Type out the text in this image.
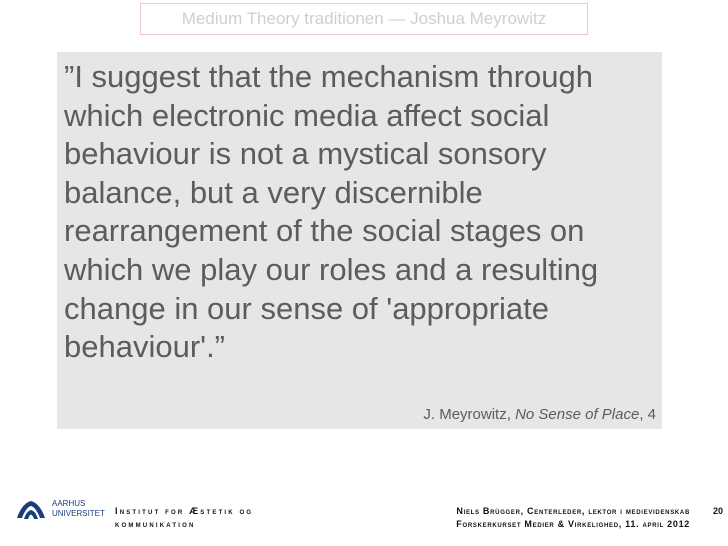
Medium Theory traditionen — Joshua Meyrowitz

”I suggest that the mechanism through which electronic media affect social behaviour is not a mystical sonsory balance, but a very discernible rearrangement of the social stages on which we play our roles and a resulting change in our sense of 'appropriate behaviour'.”

J. Meyrowitz, No Sense of Place, 4
AARHUS
UNIVERSITET Institut for Æstetik og
kommunikation
Niels Brügger, Centerleder, lektor i medievidenskab
Forskerkurset Medier & Virkelighed, 11. april 2012
20
